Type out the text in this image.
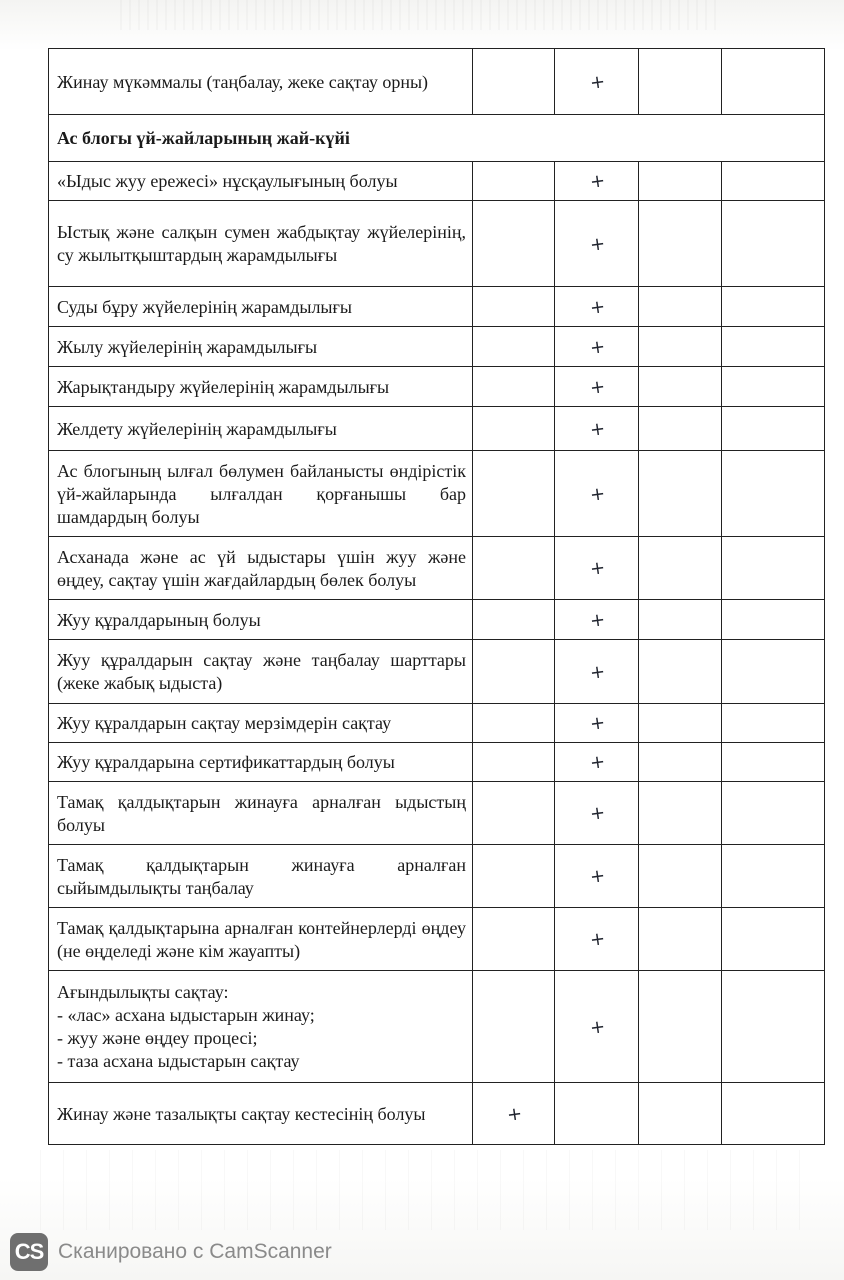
Жинау мүкәммалы (таңбалау, жеке сақтау орны)		+		
Ас блогы үй-жайларының жай-күйі				
«Ыдыс жуу ережесі» нұсқаулығының болуы		+		
Ыстық және салқын сумен жабдықтау жүйелерінің, су жылытқыштардың жарамдылығы		+		
Суды бұру жүйелерінің жарамдылығы		+		
Жылу жүйелерінің жарамдылығы		+		
Жарықтандыру жүйелерінің жарамдылығы		+		
Желдету жүйелерінің жарамдылығы		+		
Ас блогының ылғал бөлумен байланысты өндірістік үй-жайларында ылғалдан қорғанышы бар шамдардың болуы		+		
Асханада және ас үй ыдыстары үшін жуу және өңдеу, сақтау үшін жағдайлардың бөлек болуы		+		
Жуу құралдарының болуы		+		
Жуу құралдарын сақтау және таңбалау шарттары (жеке жабық ыдыста)		+		
Жуу құралдарын сақтау мерзімдерін сақтау		+		
Жуу құралдарына сертификаттардың болуы		+		
Тамақ қалдықтарын жинауға арналған ыдыстың болуы		+		
Тамақ қалдықтарын жинауға арналған сыйымдылықты таңбалау		+		
Тамақ қалдықтарына арналған контейнерлерді өңдеу (не өңделеді және кім жауапты)		+		
Ағындылықты сақтау:
- «лас» асхана ыдыстарын жинау;
- жуу және өңдеу процесі;
- таза асхана ыдыстарын сақтау		+		
Жинау және тазалықты сақтау кестесінің болуы	+			
CS Сканировано с CamScanner
